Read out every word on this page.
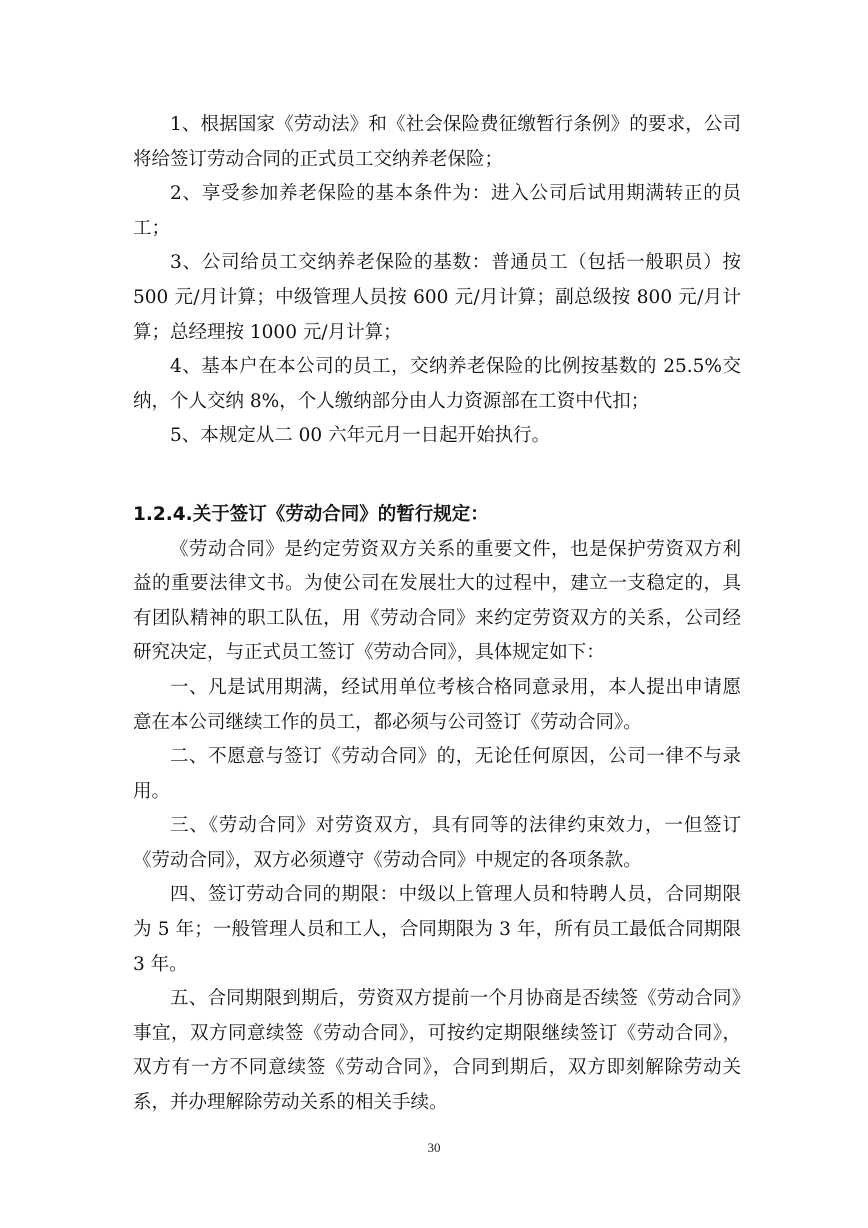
1、根据国家《劳动法》和《社会保险费征缴暂行条例》的要求，公司将给签订劳动合同的正式员工交纳养老保险；

2、享受参加养老保险的基本条件为：进入公司后试用期满转正的员工；

3、公司给员工交纳养老保险的基数：普通员工（包括一般职员）按 500 元/月计算；中级管理人员按 600 元/月计算；副总级按 800 元/月计算；总经理按 1000 元/月计算；

4、基本户在本公司的员工，交纳养老保险的比例按基数的 25.5%交纳，个人交纳 8%，个人缴纳部分由人力资源部在工资中代扣；

5、本规定从二 00 六年元月一日起开始执行。

1.2.4.关于签订《劳动合同》的暂行规定：

《劳动合同》是约定劳资双方关系的重要文件，也是保护劳资双方利益的重要法律文书。为使公司在发展壮大的过程中，建立一支稳定的，具有团队精神的职工队伍，用《劳动合同》来约定劳资双方的关系，公司经研究决定，与正式员工签订《劳动合同》，具体规定如下：

一、凡是试用期满，经试用单位考核合格同意录用，本人提出申请愿意在本公司继续工作的员工，都必须与公司签订《劳动合同》。

二、不愿意与签订《劳动合同》的，无论任何原因，公司一律不与录用。

三、《劳动合同》对劳资双方，具有同等的法律约束效力，一但签订《劳动合同》，双方必须遵守《劳动合同》中规定的各项条款。

四、签订劳动合同的期限：中级以上管理人员和特聘人员，合同期限为 5 年；一般管理人员和工人，合同期限为 3 年，所有员工最低合同期限 3 年。

五、合同期限到期后，劳资双方提前一个月协商是否续签《劳动合同》事宜，双方同意续签《劳动合同》，可按约定期限继续签订《劳动合同》，双方有一方不同意续签《劳动合同》，合同到期后，双方即刻解除劳动关系，并办理解除劳动关系的相关手续。

30
